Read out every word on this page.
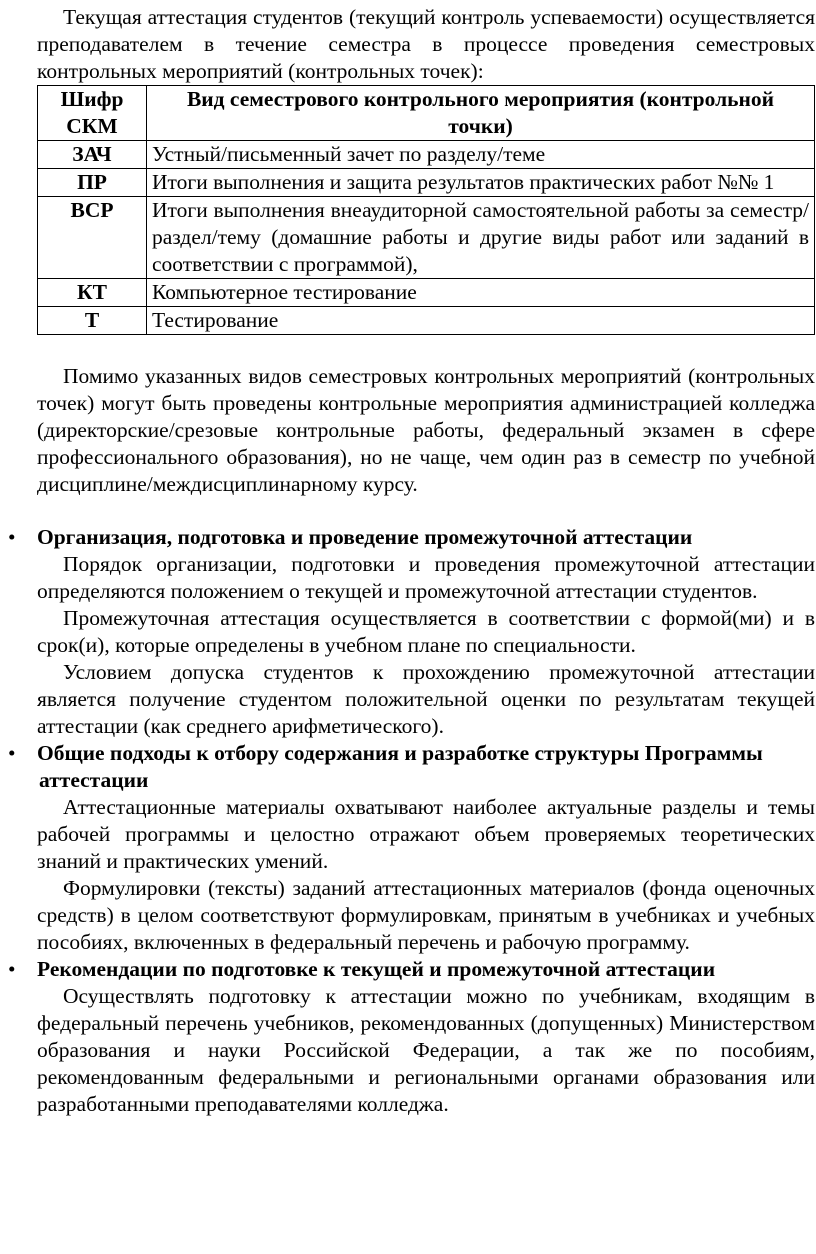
Текущая аттестация студентов (текущий контроль успеваемости) осуществляется преподавателем в течение семестра в процессе проведения семестровых контрольных мероприятий (контрольных точек):

Шифр СКМ	Вид семестрового контрольного мероприятия (контрольной точки)
ЗАЧ	Устный/письменный зачет по разделу/теме
ПР	Итоги выполнения и защита результатов практических работ №№ 1
ВСР	Итоги выполнения внеаудиторной самостоятельной работы за семестр/раздел/тему (домашние работы и другие виды работ или заданий в соответствии с программой),
КТ	Компьютерное тестирование
Т	Тестирование

Помимо указанных видов семестровых контрольных мероприятий (контрольных точек) могут быть проведены контрольные мероприятия администрацией колледжа (директорские/срезовые контрольные работы, федеральный экзамен в сфере профессионального образования), но не чаще, чем один раз в семестр по учебной дисциплине/междисциплинарному курсу.

• Организация, подготовка и проведение промежуточной аттестации

Порядок организации, подготовки и проведения промежуточной аттестации определяются положением о текущей и промежуточной аттестации студентов.

Промежуточная аттестация осуществляется в соответствии с формой(ми) и в срок(и), которые определены в учебном плане по специальности.

Условием допуска студентов к прохождению промежуточной аттестации является получение студентом положительной оценки по результатам текущей аттестации (как среднего арифметического).

• Общие подходы к отбору содержания и разработке структуры Программы
аттестации

Аттестационные материалы охватывают наиболее актуальные разделы и темы рабочей программы и целостно отражают объем проверяемых теоретических знаний и практических умений.

Формулировки (тексты) заданий аттестационных материалов (фонда оценочных средств) в целом соответствуют формулировкам, принятым в учебниках и учебных пособиях, включенных в федеральный перечень и рабочую программу.

• Рекомендации по подготовке к текущей и промежуточной аттестации

Осуществлять подготовку к аттестации можно по учебникам, входящим в федеральный перечень учебников, рекомендованных (допущенных) Министерством образования и науки Российской Федерации, а так же по пособиям, рекомендованным федеральными и региональными органами образования или разработанными преподавателями колледжа.
